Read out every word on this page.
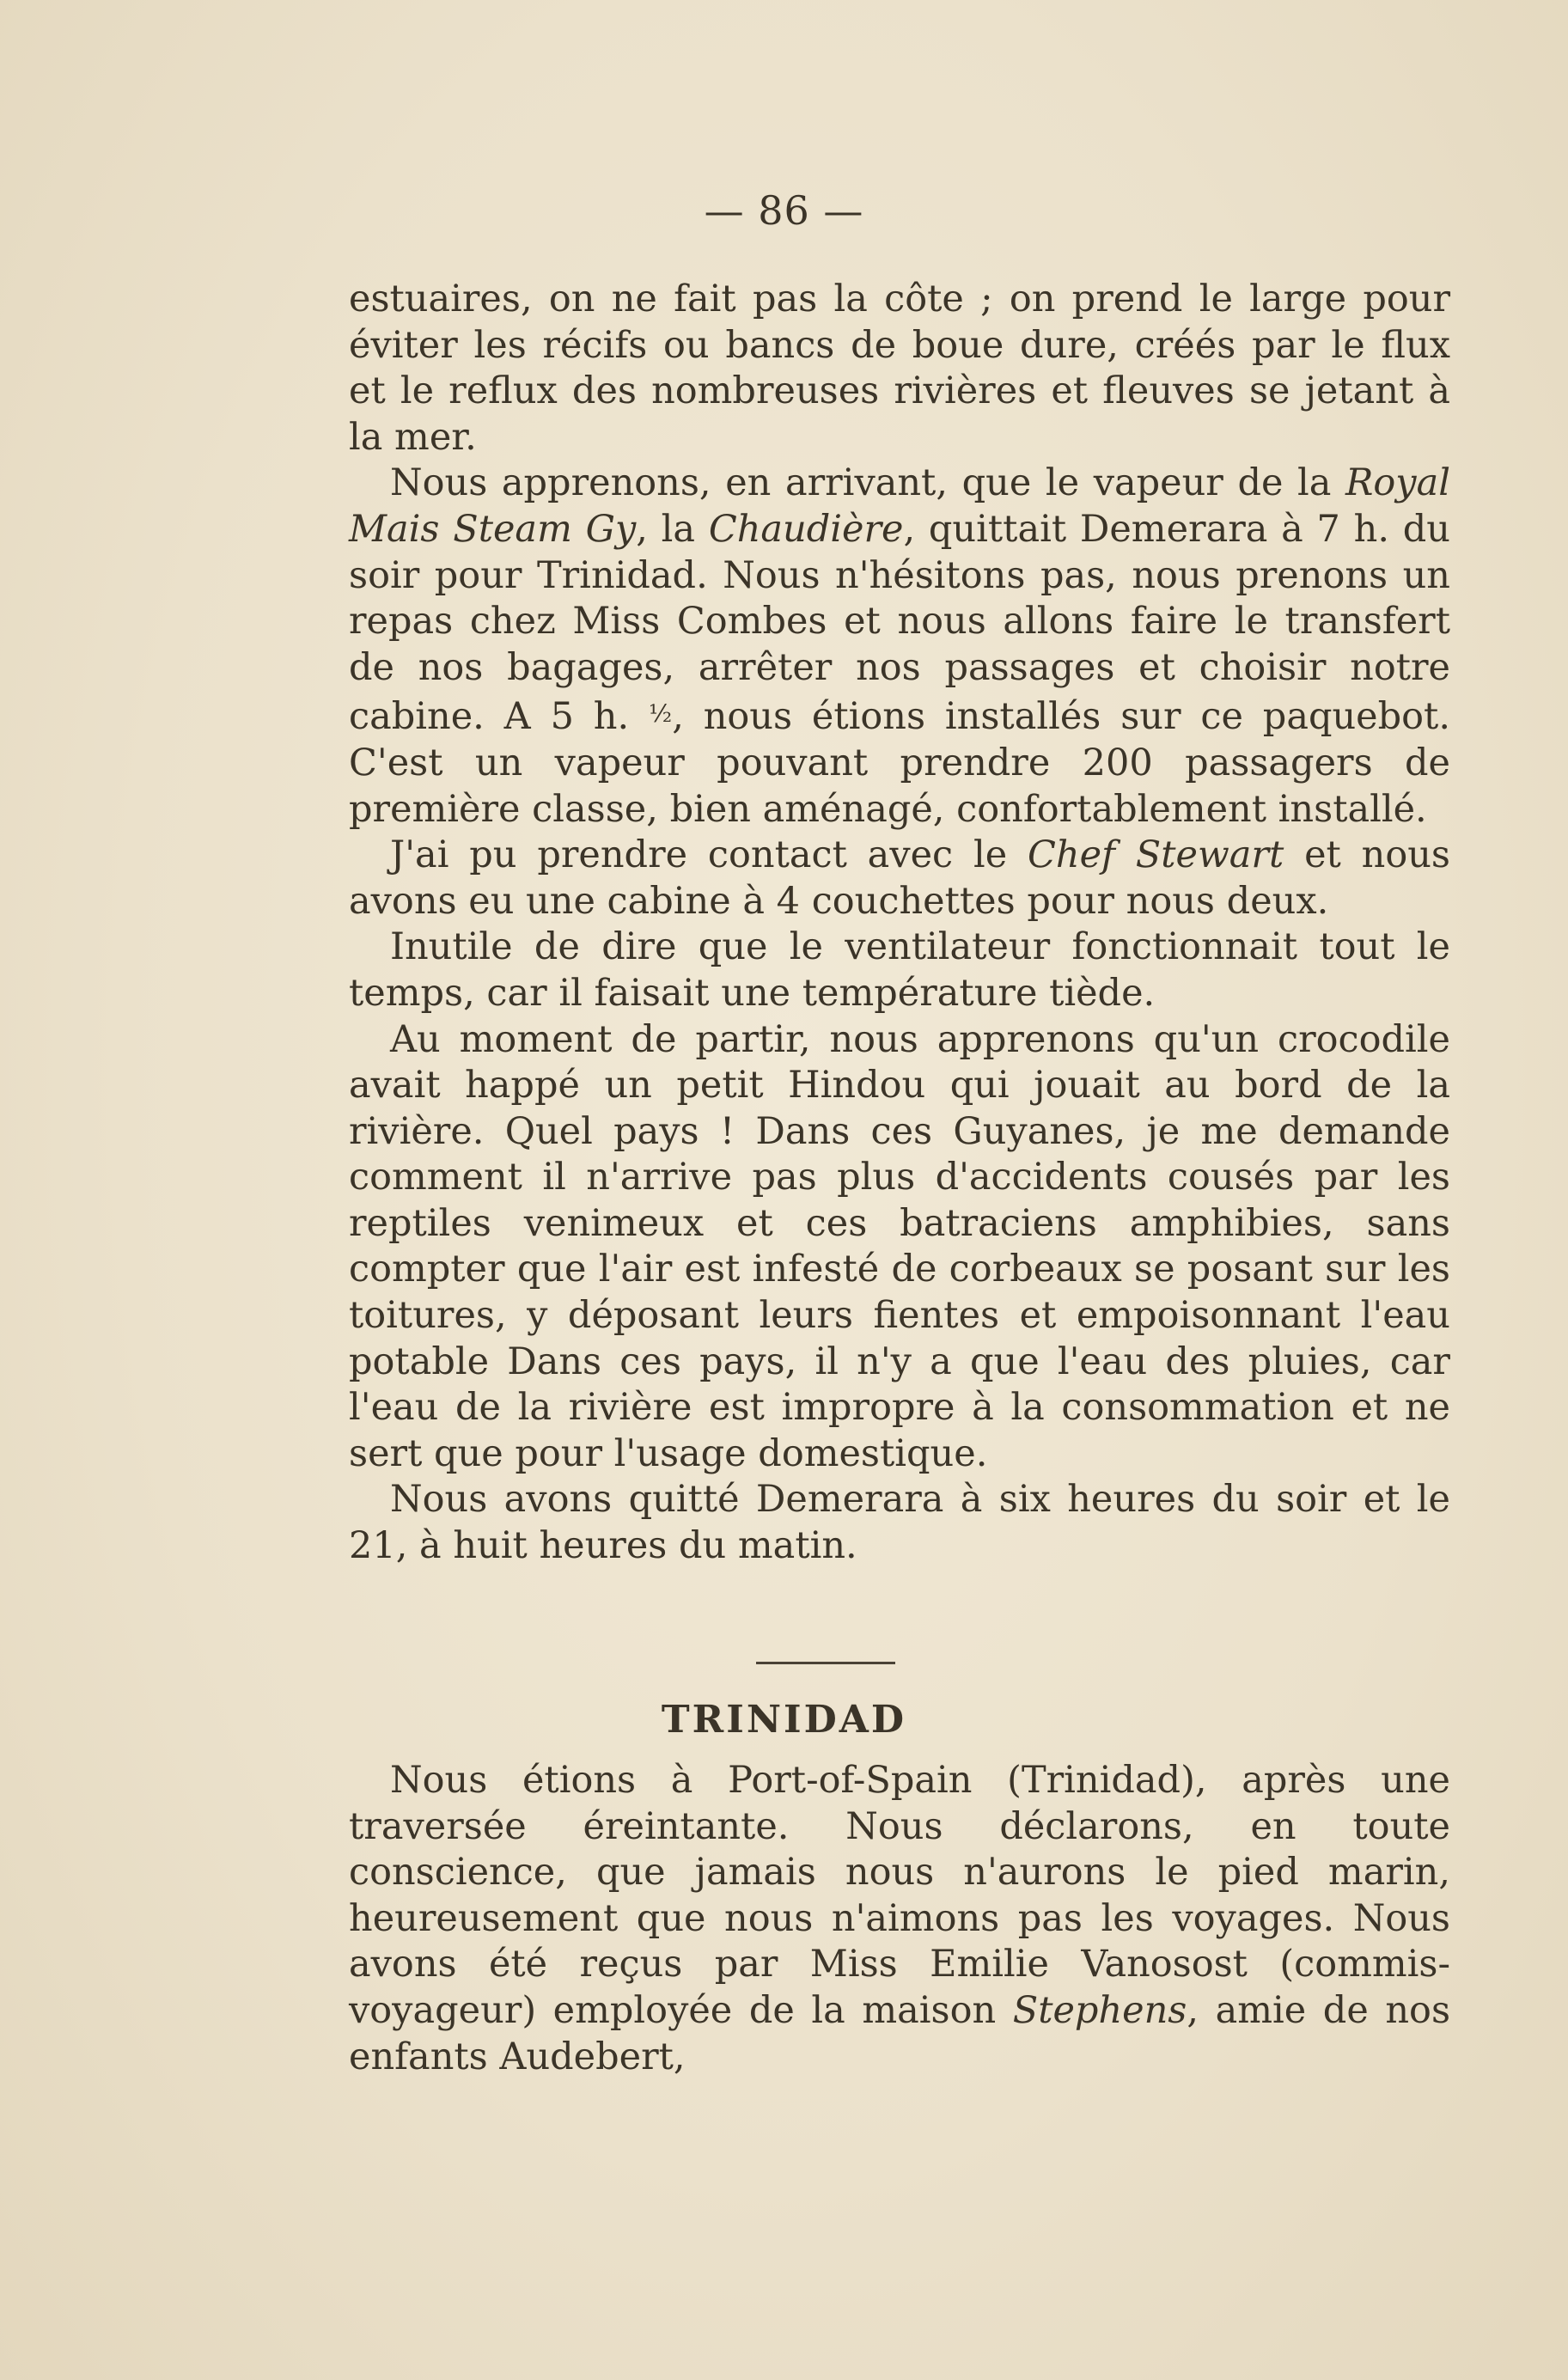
— 86 —

estuaires, on ne fait pas la côte ; on prend le large pour éviter les récifs ou bancs de boue dure, créés par le flux et le reflux des nombreuses rivières et fleuves se jetant à la mer.

Nous apprenons, en arrivant, que le vapeur de la Royal Mais Steam Gy, la Chaudière, quittait Demerara à 7 h. du soir pour Trinidad. Nous n'hésitons pas, nous prenons un repas chez Miss Combes et nous allons faire le transfert de nos bagages, arrêter nos passages et choisir notre cabine. A 5 h. ½, nous étions installés sur ce paquebot. C'est un vapeur pouvant prendre 200 passagers de première classe, bien aménagé, confortablement installé.

J'ai pu prendre contact avec le Chef Stewart et nous avons eu une cabine à 4 couchettes pour nous deux.

Inutile de dire que le ventilateur fonctionnait tout le temps, car il faisait une température tiède.

Au moment de partir, nous apprenons qu'un crocodile avait happé un petit Hindou qui jouait au bord de la rivière. Quel pays ! Dans ces Guyanes, je me demande comment il n'arrive pas plus d'accidents cousés par les reptiles venimeux et ces batraciens amphibies, sans compter que l'air est infesté de corbeaux se posant sur les toitures, y déposant leurs fientes et empoisonnant l'eau potable Dans ces pays, il n'y a que l'eau des pluies, car l'eau de la rivière est impropre à la consommation et ne sert que pour l'usage domestique.

Nous avons quitté Demerara à six heures du soir et le 21, à huit heures du matin.

TRINIDAD

Nous étions à Port-of-Spain (Trinidad), après une traversée éreintante. Nous déclarons, en toute conscience, que jamais nous n'aurons le pied marin, heureusement que nous n'aimons pas les voyages. Nous avons été reçus par Miss Emilie Vanosost (commis-voyageur) employée de la maison Stephens, amie de nos enfants Audebert,
